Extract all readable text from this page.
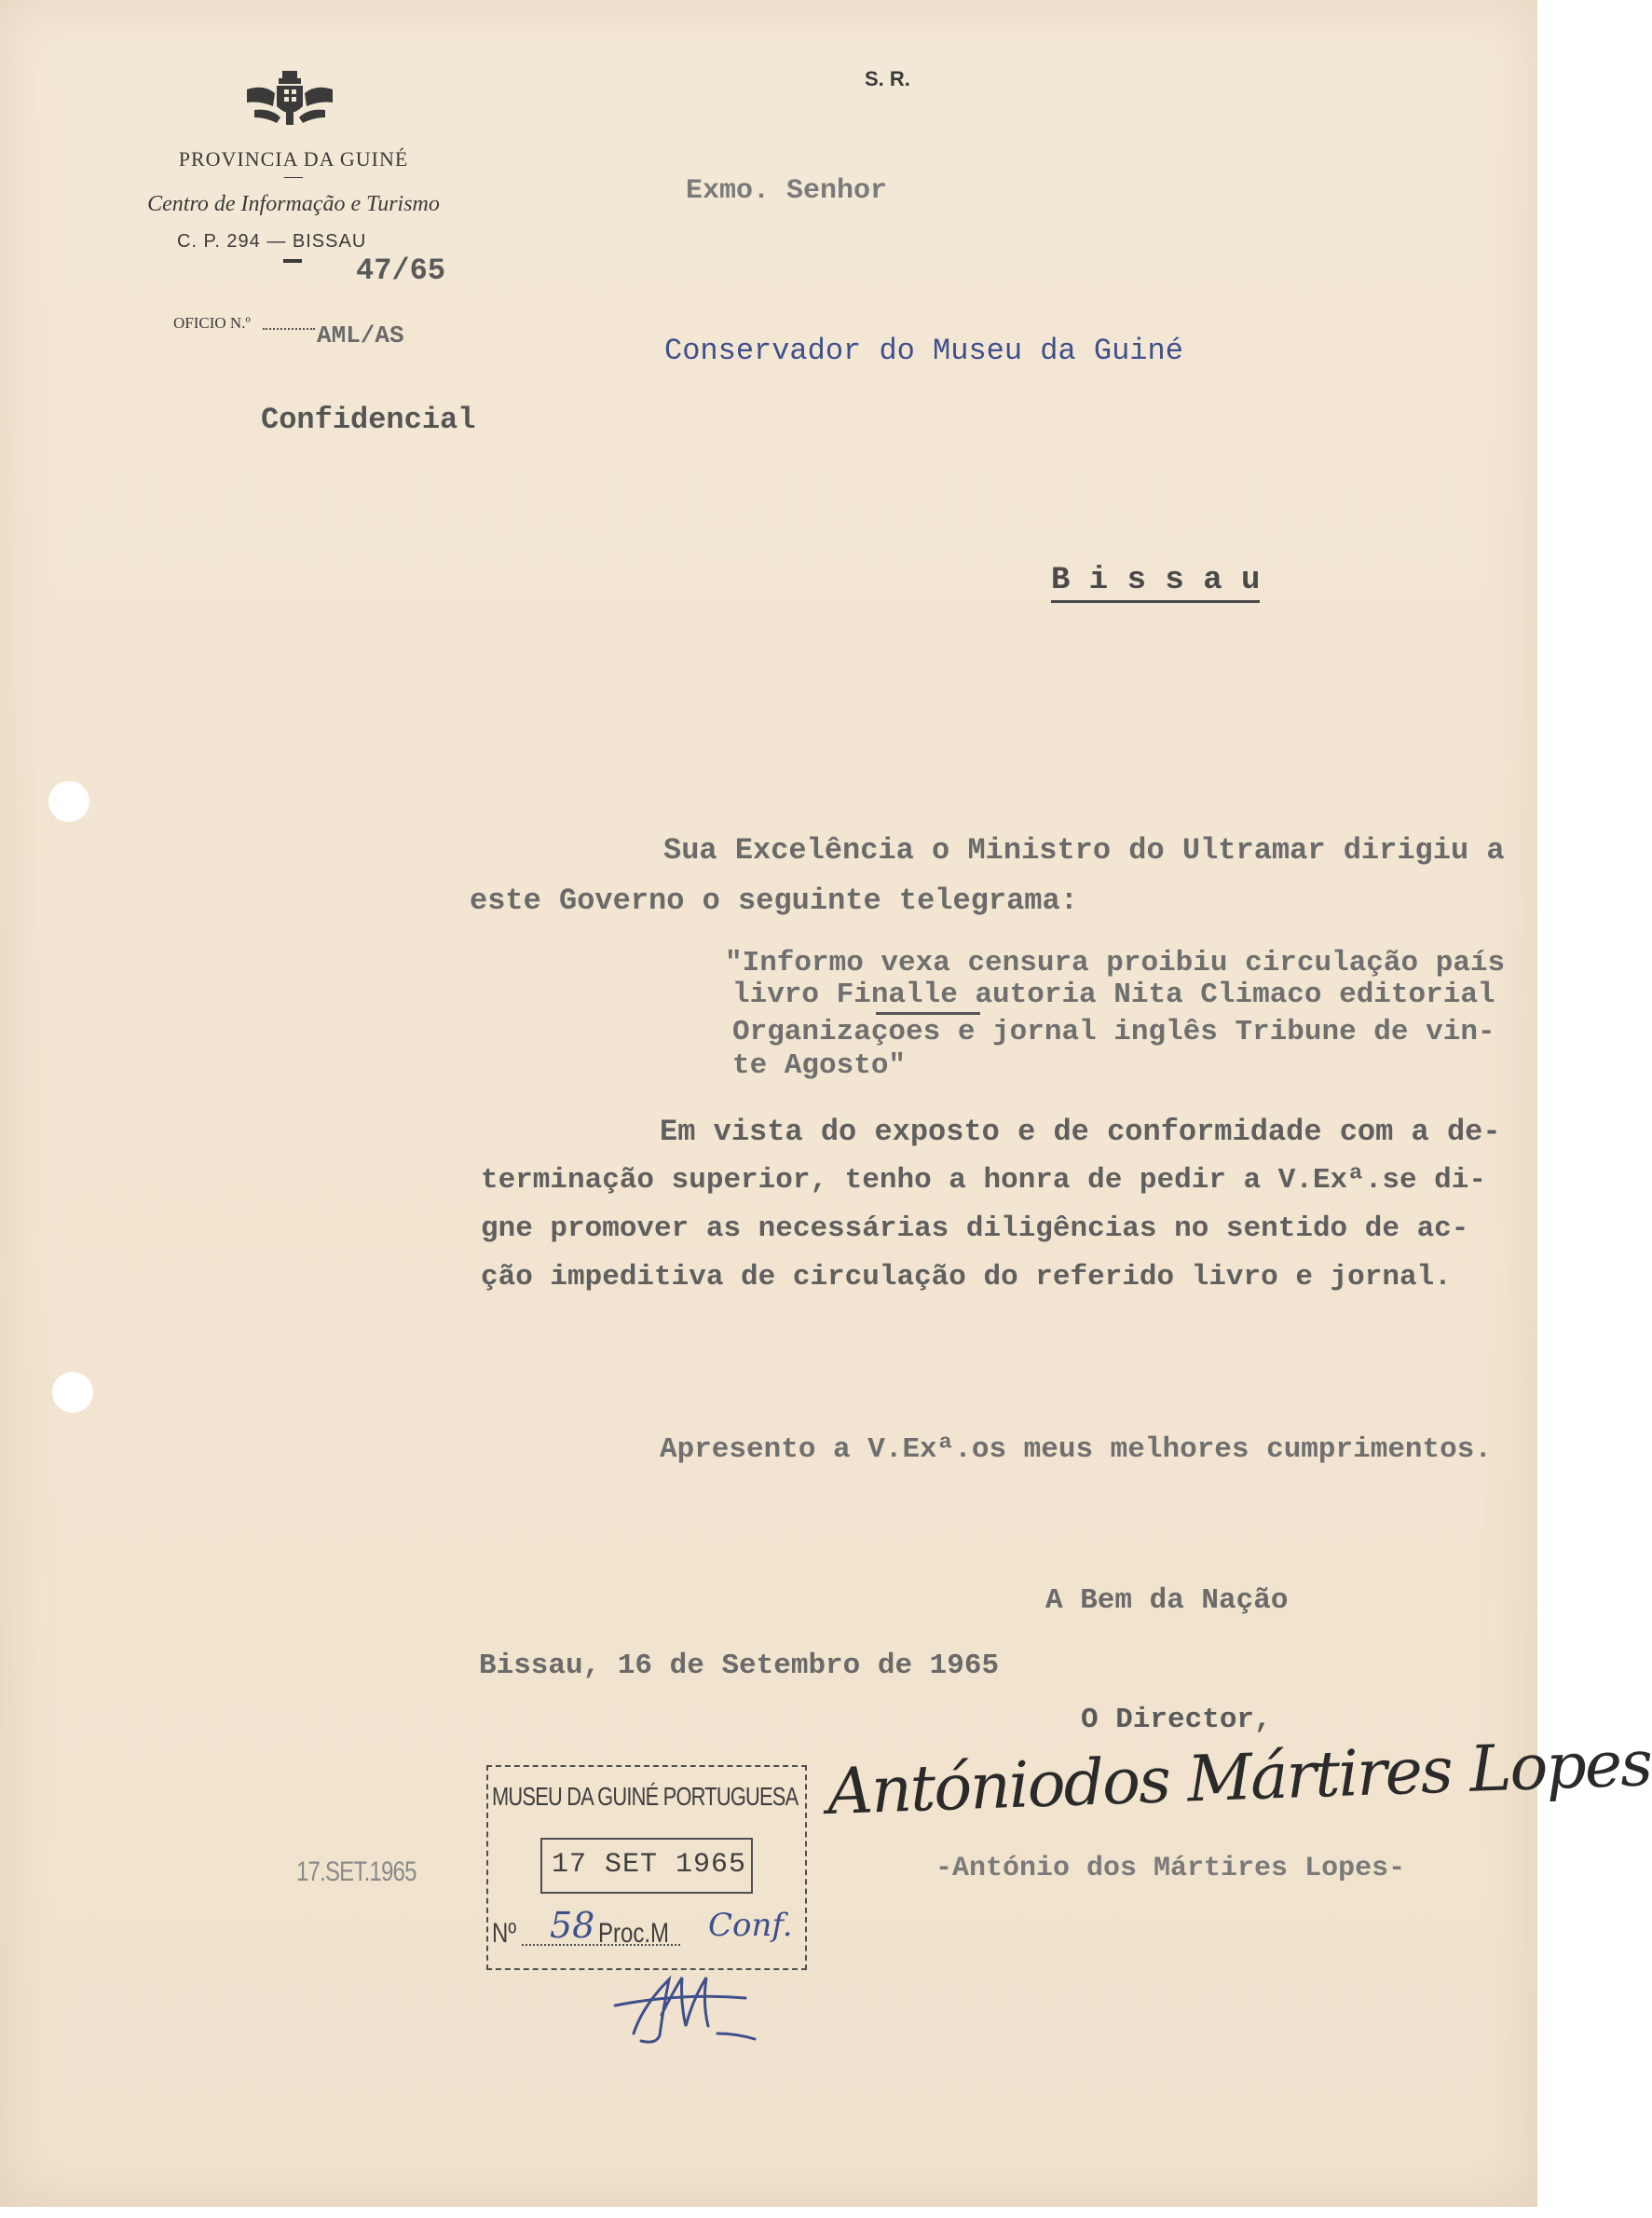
PROVINCIA DA GUINÉ
—
Centro de Informação e Turismo
C. P. 294 — BISSAU
47/65
OFICIO N.º	AML/AS
Confidencial
S. R.
Exmo. Senhor
Conservador do Museu da Guiné
B i s s a u
Sua Excelência o Ministro do Ultramar dirigiu a
este Governo o seguinte telegrama:
"Informo vexa censura proibiu circulação país
livro Finalle autoria Nita Climaco editorial
Organizaçoes e jornal inglês Tribune de vin-
te Agosto"
Em vista do exposto e de conformidade com a de-
terminação superior, tenho a honra de pedir a V.Exª.se di-
gne promover as necessárias diligências no sentido de ac-
ção impeditiva de circulação do referido livro e jornal.
Apresento a V.Exª.os meus melhores cumprimentos.
A Bem da Nação
Bissau, 16 de Setembro de 1965
O Director,
Antóniodos Mártires Lopes
-António dos Mártires Lopes-
17.SET.1965
MUSEU DA GUINÉ PORTUGUESA
17 SET 1965
Nº 58 Proc.M Conf.
